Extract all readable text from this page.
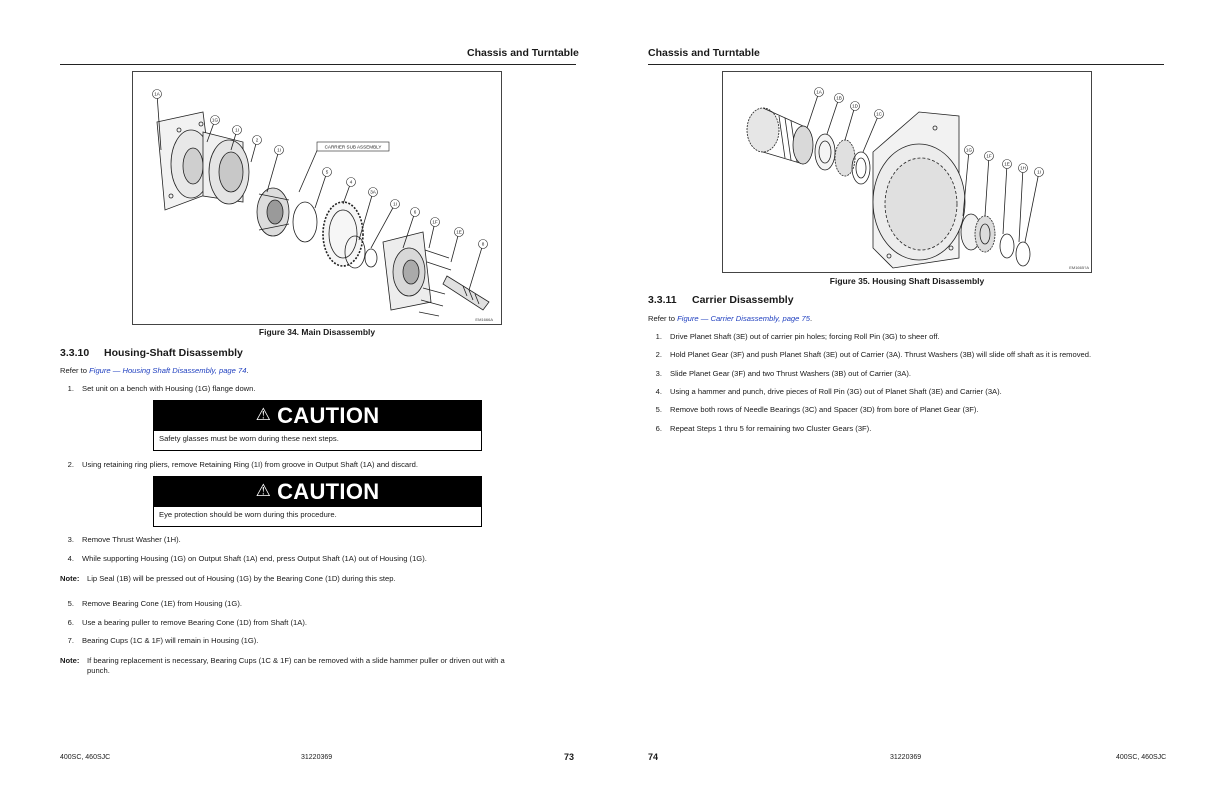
Chassis and Turntable
1A
1G
1I
2
1I
5
4
3A
1I
6
1F
1E
8
CARRIER SUB ASSEMBLY
EM1666A
Figure 34. Main Disassembly
3.3.10 Housing-Shaft Disassembly
Refer to Figure — Housing Shaft Disassembly, page 74.
1. Set unit on a bench with Housing (1G) flange down.
⚠ CAUTION
Safety glasses must be worn during these next steps.
2. Using retaining ring pliers, remove Retaining Ring (1I) from groove in Output Shaft (1A) and discard.
⚠ CAUTION
Eye protection should be worn during this procedure.
3. Remove Thrust Washer (1H).
4. While supporting Housing (1G) on Output Shaft (1A) end, press Output Shaft (1A) out of Housing (1G).
Note: Lip Seal (1B) will be pressed out of Housing (1G) by the Bearing Cone (1D) during this step.
5. Remove Bearing Cone (1E) from Housing (1G).
6. Use a bearing puller to remove Bearing Cone (1D) from Shaft (1A).
7. Bearing Cups (1C & 1F) will remain in Housing (1G).
Note: If bearing replacement is necessary, Bearing Cups (1C & 1F) can be removed with a slide hammer puller or driven out with a
punch.
400SC, 460SJC	31220369	73
Chassis and Turntable
1A
1B
1D
1C
1G
1F
1E
1H
1I
EM1665?A
Figure 35. Housing Shaft Disassembly
3.3.11 Carrier Disassembly
Refer to Figure — Carrier Disassembly, page 75.
1. Drive Planet Shaft (3E) out of carrier pin holes; forcing Roll Pin (3G) to sheer off.
2. Hold Planet Gear (3F) and push Planet Shaft (3E) out of Carrier (3A). Thrust Washers (3B) will slide off shaft as it is removed.
3. Slide Planet Gear (3F) and two Thrust Washers (3B) out of Carrier (3A).
4. Using a hammer and punch, drive pieces of Roll Pin (3G) out of Planet Shaft (3E) and Carrier (3A).
5. Remove both rows of Needle Bearings (3C) and Spacer (3D) from bore of Planet Gear (3F).
6. Repeat Steps 1 thru 5 for remaining two Cluster Gears (3F).
74	31220369	400SC, 460SJC
